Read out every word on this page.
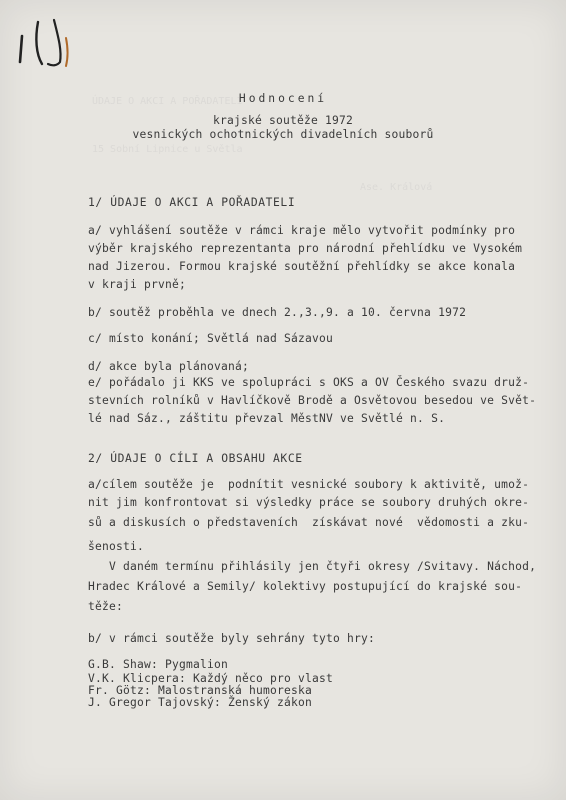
ÚDAJE O AKCI A POŘADATELI
15 Sobní Lipnice u Světla
Ase. Králová
Hodnocení
krajské soutěže 1972
vesnických ochotnických divadelních souborů
1/ ÚDAJE O AKCI A POŘADATELI
a/ vyhlášení soutěže v rámci kraje mělo vytvořit podmínky pro
výběr krajského reprezentanta pro národní přehlídku ve Vysokém
nad Jizerou. Formou krajské soutěžní přehlídky se akce konala
v kraji prvně;
b/ soutěž proběhla ve dnech 2.,3.,9. a 10. června 1972
c/ místo konání; Světlá nad Sázavou
d/ akce byla plánovaná;
e/ pořádalo ji KKS ve spolupráci s OKS a OV Českého svazu druž-
stevních rolníků v Havlíčkově Brodě a Osvětovou besedou ve Svět-
lé nad Sáz., záštitu převzal MěstNV ve Světlé n. S.
2/ ÚDAJE O CÍLI A OBSAHU AKCE
a/cílem soutěže je  podnítit vesnické soubory k aktivitě, umož-
nit jim konfrontovat si výsledky práce se soubory druhých okre-
sů a diskusích o představeních  získávat nové  vědomosti a zku-
šenosti.
V daném termínu přihlásily jen čtyři okresy /Svitavy. Náchod,
Hradec Králové a Semily/ kolektivy postupující do krajské sou-
těže:
b/ v rámci soutěže byly sehrány tyto hry:
G.B. Shaw: Pygmalion
V.K. Klicpera: Každý něco pro vlast
Fr. Götz: Malostranská humoreska
J. Gregor Tajovský: Ženský zákon
